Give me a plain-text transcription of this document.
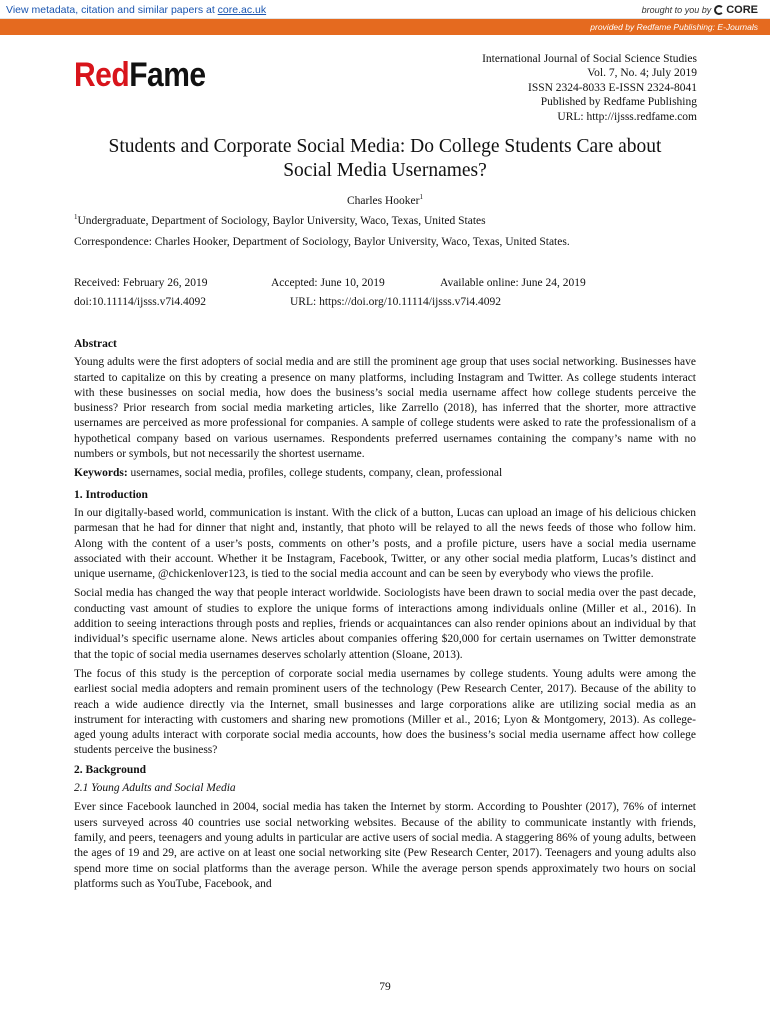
View metadata, citation and similar papers at core.ac.uk	brought to you by CORE
provided by Redfame Publishing: E-Journals
RedFame	International Journal of Social Science Studies
Vol. 7, No. 4; July 2019
ISSN 2324-8033 E-ISSN 2324-8041
Published by Redfame Publishing
URL: http://ijsss.redfame.com
Students and Corporate Social Media: Do College Students Care about
Social Media Usernames?
Charles Hooker$^1$
$^1$Undergraduate, Department of Sociology, Baylor University, Waco, Texas, United States
Correspondence: Charles Hooker, Department of Sociology, Baylor University, Waco, Texas, United States.
Received: February 26, 2019	Accepted: June 10, 2019	Available online: June 24, 2019
doi:10.11114/ijsss.v7i4.4092	URL: https://doi.org/10.11114/ijsss.v7i4.4092
Abstract

Young adults were the first adopters of social media and are still the prominent age group that uses social networking. Businesses have started to capitalize on this by creating a presence on many platforms, including Instagram and Twitter. As college students interact with these businesses on social media, how does the business’s social media username affect how college students perceive the business? Prior research from social media marketing articles, like Zarrello (2018), has inferred that the shorter, more attractive usernames are perceived as more professional for companies. A sample of college students were asked to rate the professionalism of a hypothetical company based on various usernames. Respondents preferred usernames containing the company’s name with no numbers or symbols, but not necessarily the shortest username.

Keywords: usernames, social media, profiles, college students, company, clean, professional

1. Introduction

In our digitally-based world, communication is instant. With the click of a button, Lucas can upload an image of his delicious chicken parmesan that he had for dinner that night and, instantly, that photo will be relayed to all the news feeds of those who follow him. Along with the content of a user’s posts, comments on other’s posts, and a profile picture, users have a social media username associated with their account. Whether it be Instagram, Facebook, Twitter, or any other social media platform, Lucas’s distinct and unique username, @chickenlover123, is tied to the social media account and can be seen by everybody who views the profile.

Social media has changed the way that people interact worldwide. Sociologists have been drawn to social media over the past decade, conducting vast amount of studies to explore the unique forms of interactions among individuals online (Miller et al., 2016). In addition to seeing interactions through posts and replies, friends or acquaintances can also render opinions about an individual by that individual’s specific username alone. News articles about companies offering $20,000 for certain usernames on Twitter demonstrate that the topic of social media usernames deserves scholarly attention (Sloane, 2013).

The focus of this study is the perception of corporate social media usernames by college students. Young adults were among the earliest social media adopters and remain prominent users of the technology (Pew Research Center, 2017). Because of the ability to reach a wide audience directly via the Internet, small businesses and large corporations alike are utilizing social media as an instrument for interacting with customers and sharing new promotions (Miller et al., 2016; Lyon & Montgomery, 2013). As college-aged young adults interact with corporate social media accounts, how does the business’s social media username affect how college students perceive the business?

2. Background
2.1 Young Adults and Social Media

Ever since Facebook launched in 2004, social media has taken the Internet by storm. According to Poushter (2017), 76% of internet users surveyed across 40 countries use social networking websites. Because of the ability to communicate instantly with friends, family, and peers, teenagers and young adults in particular are active users of social media. A staggering 86% of young adults, between the ages of 19 and 29, are active on at least one social networking site (Pew Research Center, 2017). Teenagers and young adults also spend more time on social platforms than the average person. While the average person spends approximately two hours on social platforms such as YouTube, Facebook, and

79
